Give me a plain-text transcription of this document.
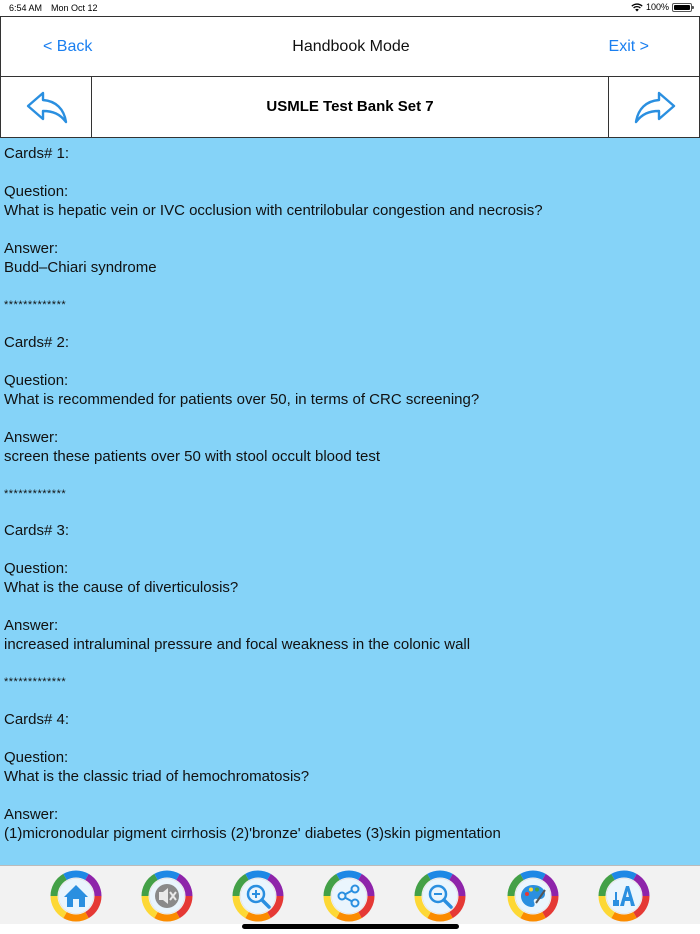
6:54 AM Mon Oct 12	100%
< Back	Handbook Mode	Exit >
USMLE Test Bank Set 7

Cards# 1:

Question:

What is hepatic vein or IVC occlusion with centrilobular congestion and necrosis?

Answer:

Budd–Chiari syndrome

*************

Cards# 2:

Question:

What is recommended for patients over 50, in terms of CRC screening?

Answer:

screen these patients over 50 with stool occult blood test

*************

Cards# 3:

Question:

What is the cause of diverticulosis?

Answer:

increased intraluminal pressure and focal weakness in the colonic wall

*************

Cards# 4:

Question:

What is the classic triad of hemochromatosis?

Answer:

(1)micronodular pigment cirrhosis (2)'bronze' diabetes (3)skin pigmentation
